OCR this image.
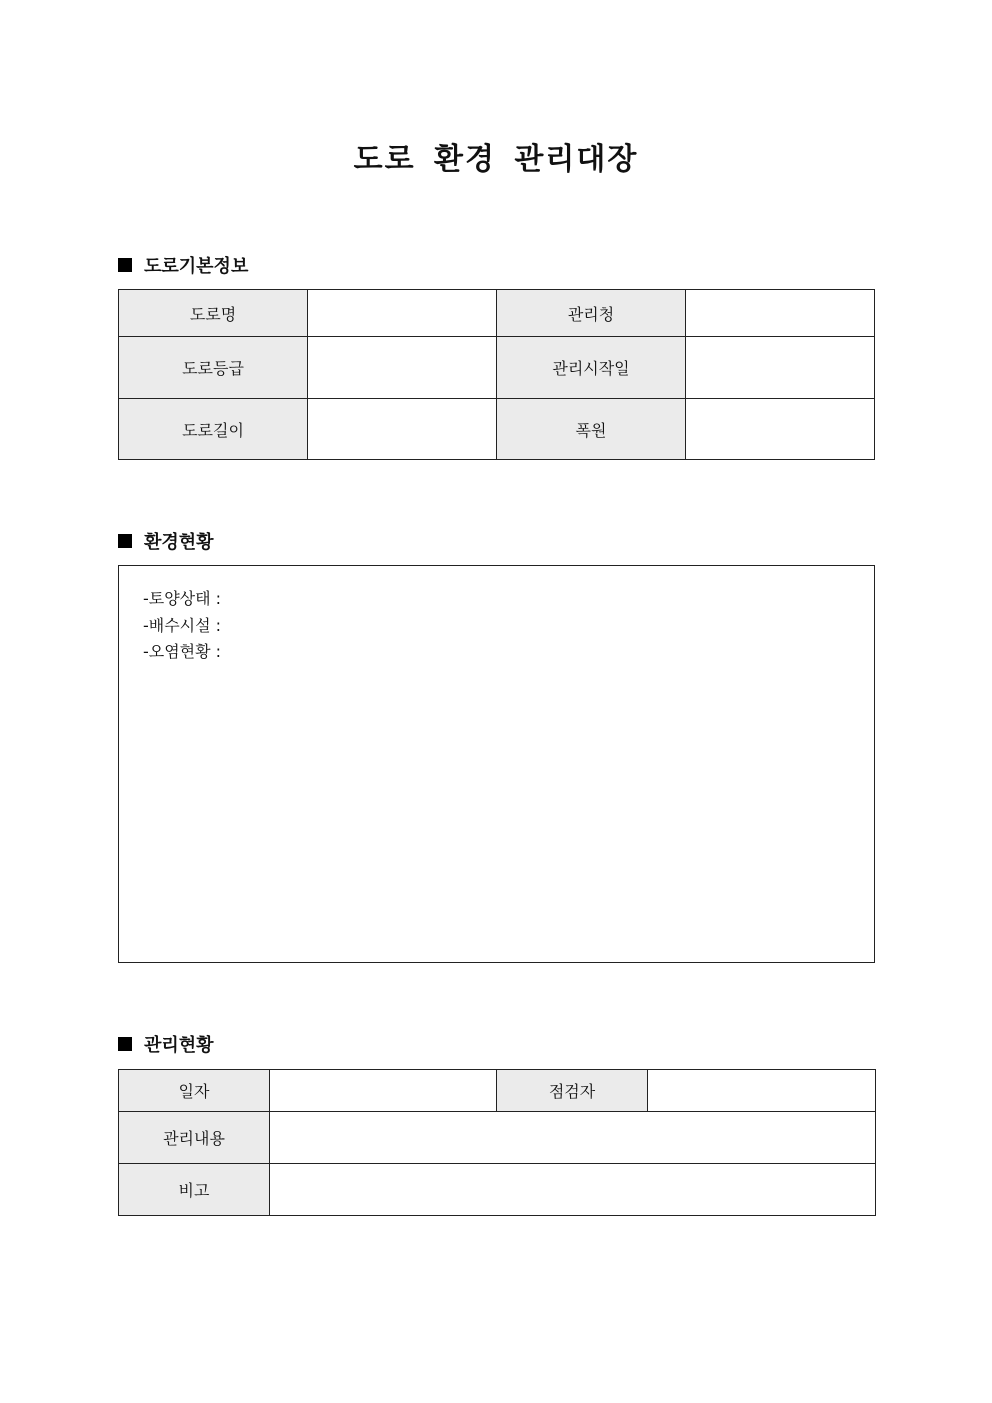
도로 환경 관리대장
도로기본정보
도로명		관리청	
도로등급		관리시작일	
도로길이		폭원	
환경현황
-토양상태 :
-배수시설 :
-오염현황 :
관리현황
일자		점검자	
관리내용			
비고			
